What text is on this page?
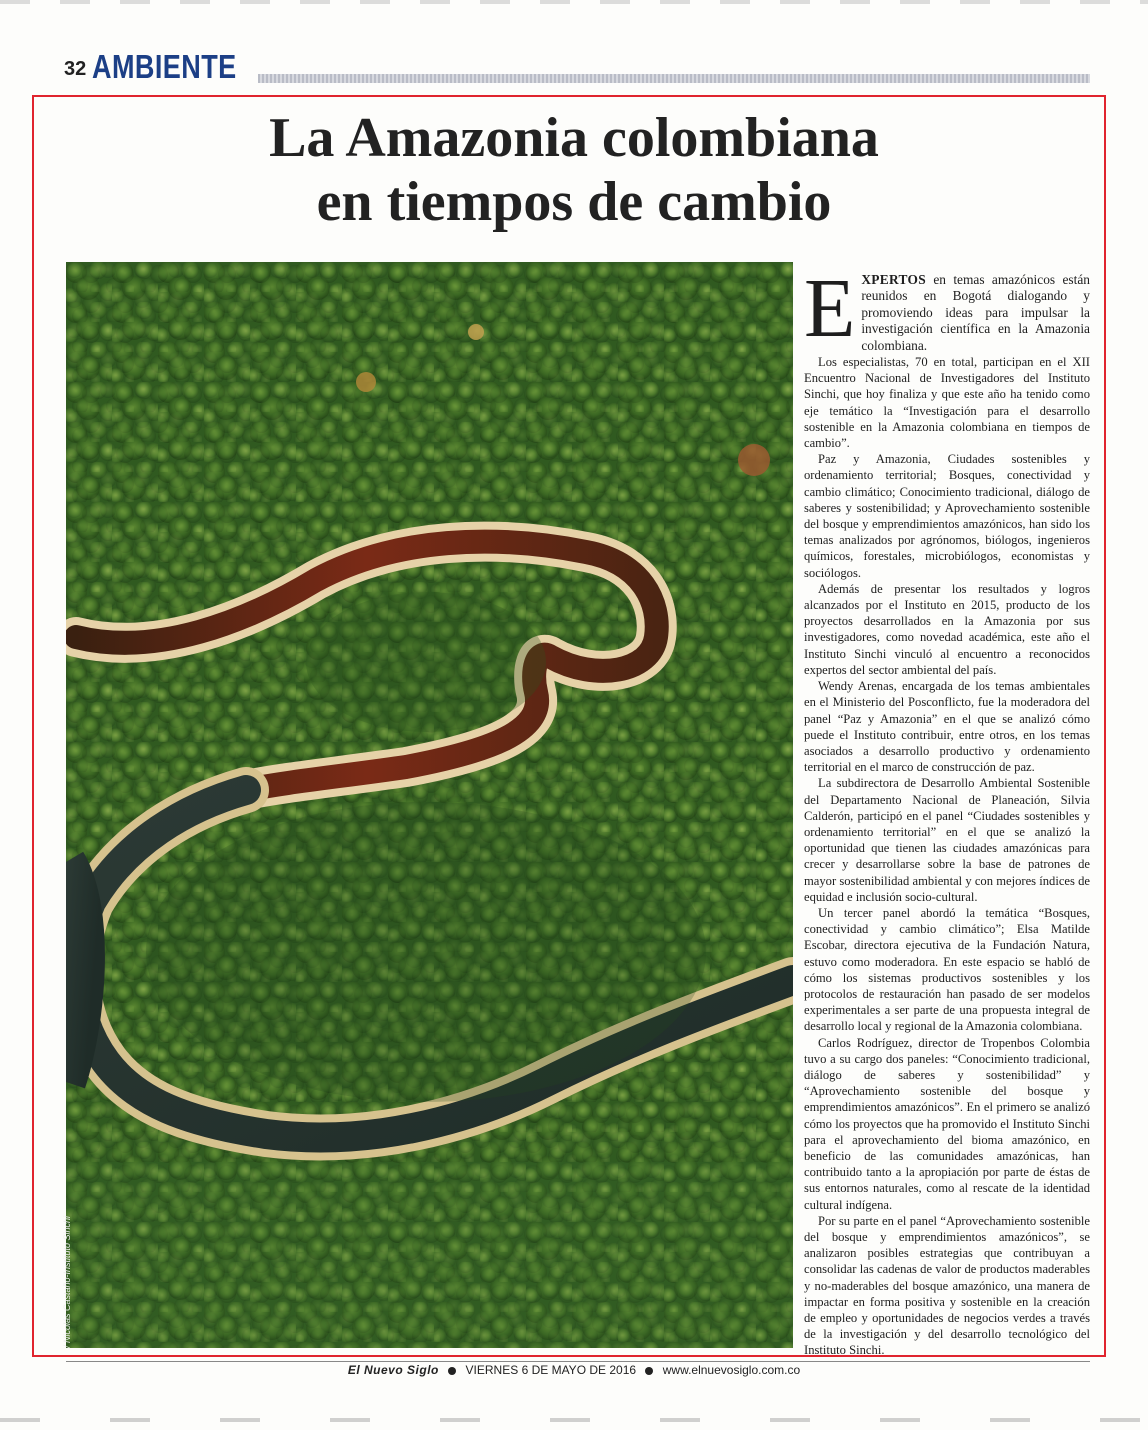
32 AMBIENTE
La Amazonia colombiana
en tiempos de cambio
/ Nicolás Castaño-Instituto Sinchi

EXPERTOS en temas amazónicos están reunidos en Bogotá dialogando y promoviendo ideas para impulsar la investigación científica en la Amazonia colombiana.

Los especialistas, 70 en total, participan en el XII Encuentro Nacional de Investigadores del Instituto Sinchi, que hoy finaliza y que este año ha tenido como eje temático la “Investigación para el desarrollo sostenible en la Amazonia colombiana en tiempos de cambio”.

Paz y Amazonia, Ciudades sostenibles y ordenamiento territorial; Bosques, conectividad y cambio climático; Conocimiento tradicional, diálogo de saberes y sostenibilidad; y Aprovechamiento sostenible del bosque y emprendimientos amazónicos, han sido los temas analizados por agrónomos, biólogos, ingenieros químicos, forestales, microbiólogos, economistas y sociólogos.

Además de presentar los resultados y logros alcanzados por el Instituto en 2015, producto de los proyectos desarrollados en la Amazonia por sus investigadores, como novedad académica, este año el Instituto Sinchi vinculó al encuentro a reconocidos expertos del sector ambiental del país.

Wendy Arenas, encargada de los temas ambientales en el Ministerio del Posconflicto, fue la moderadora del panel “Paz y Amazonia” en el que se analizó cómo puede el Instituto contribuir, entre otros, en los temas asociados a desarrollo productivo y ordenamiento territorial en el marco de construcción de paz.

La subdirectora de Desarrollo Ambiental Sostenible del Departamento Nacional de Planeación, Silvia Calderón, participó en el panel “Ciudades sostenibles y ordenamiento territorial” en el que se analizó la oportunidad que tienen las ciudades amazónicas para crecer y desarrollarse sobre la base de patrones de mayor sostenibilidad ambiental y con mejores índices de equidad e inclusión socio-cultural.

Un tercer panel abordó la temática “Bosques, conectividad y cambio climático”; Elsa Matilde Escobar, directora ejecutiva de la Fundación Natura, estuvo como moderadora. En este espacio se habló de cómo los sistemas productivos sostenibles y los protocolos de restauración han pasado de ser modelos experimentales a ser parte de una propuesta integral de desarrollo local y regional de la Amazonia colombiana.

Carlos Rodríguez, director de Tropenbos Colombia tuvo a su cargo dos paneles: “Conocimiento tradicional, diálogo de saberes y sostenibilidad” y “Aprovechamiento sostenible del bosque y emprendimientos amazónicos”. En el primero se analizó cómo los proyectos que ha promovido el Instituto Sinchi para el aprovechamiento del bioma amazónico, en beneficio de las comunidades amazónicas, han contribuido tanto a la apropiación por parte de éstas de sus entornos naturales, como al rescate de la identidad cultural indígena.

Por su parte en el panel “Aprovechamiento sostenible del bosque y emprendimientos amazónicos”, se analizaron posibles estrategias que contribuyan a consolidar las cadenas de valor de productos maderables y no-maderables del bosque amazónico, una manera de impactar en forma positiva y sostenible en la creación de empleo y oportunidades de negocios verdes a través de la investigación y del desarrollo tecnológico del Instituto Sinchi.

El Nuevo Siglo VIERNES 6 DE MAYO DE 2016 www.elnuevosiglo.com.co
